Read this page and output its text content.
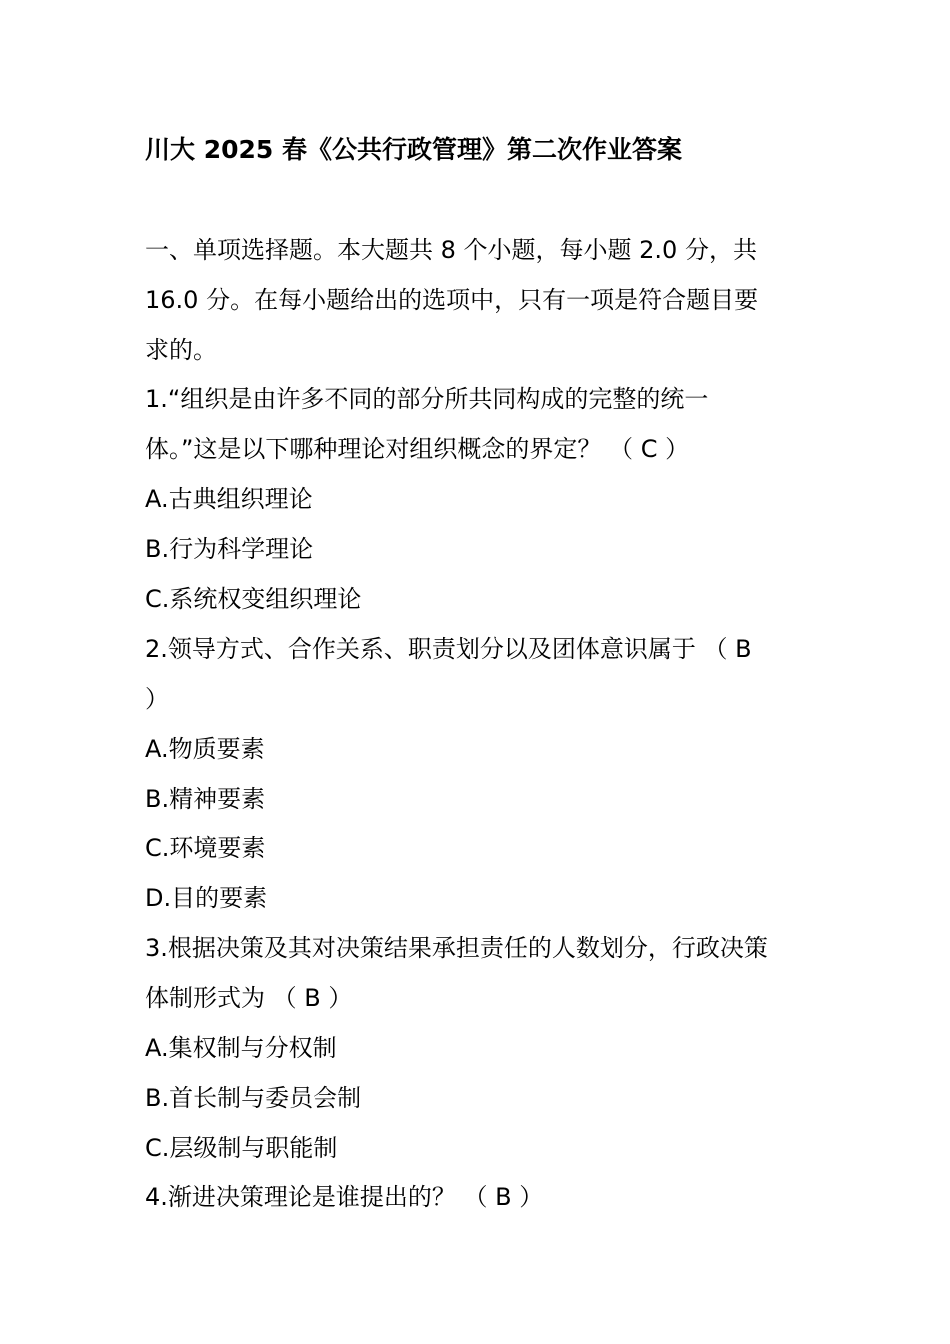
川大 2025 春《公共行政管理》第二次作业答案

一、单项选择题。本大题共 8 个小题，每小题 2.0 分，共

16.0 分。在每小题给出的选项中，只有一项是符合题目要

求的。

1.“组织是由许多不同的部分所共同构成的完整的统一

体。”这是以下哪种理论对组织概念的界定？ （ C ）

A.古典组织理论

B.行为科学理论

C.系统权变组织理论

2.领导方式、合作关系、职责划分以及团体意识属于 （ B

）

A.物质要素

B.精神要素

C.环境要素

D.目的要素

3.根据决策及其对决策结果承担责任的人数划分，行政决策

体制形式为 （ B ）

A.集权制与分权制

B.首长制与委员会制

C.层级制与职能制

4.渐进决策理论是谁提出的？ （ B ）
